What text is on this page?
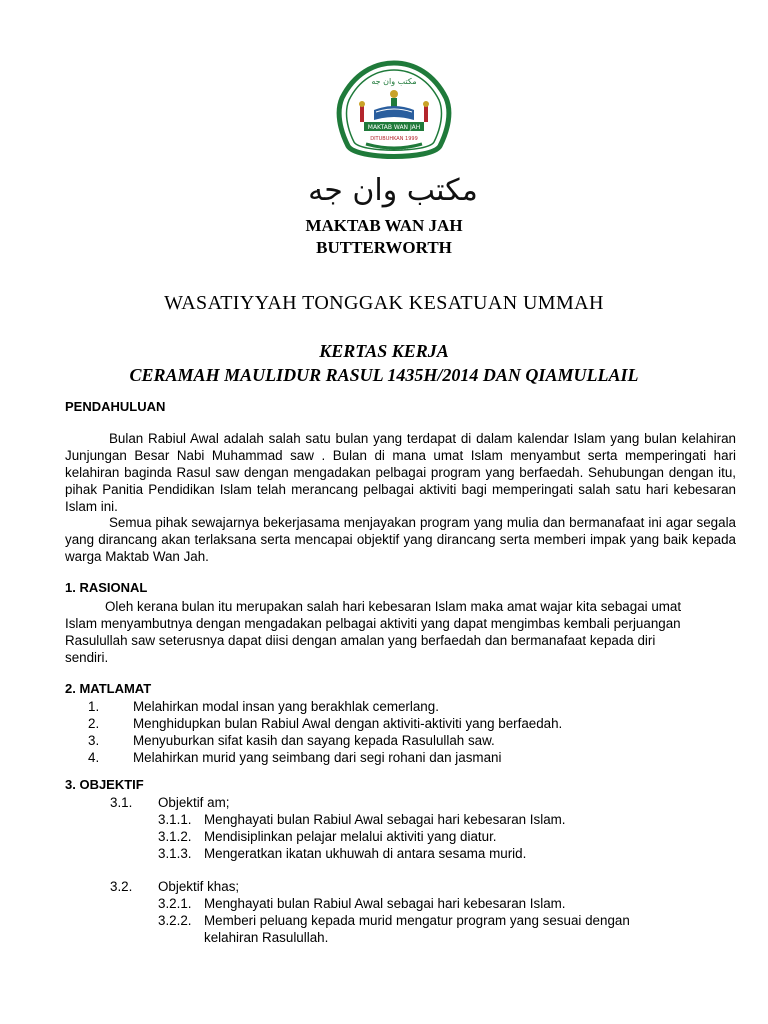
مكتب وان جه
MAKTAB WAN JAH
DITUBUHKAN 1999
Ilmu & Iman
مكتب وان جه
MAKTAB WAN JAH
BUTTERWORTH
WASATIYYAH TONGGAK KESATUAN UMMAH
KERTAS KERJA
CERAMAH MAULIDUR RASUL 1435H/2014 DAN QIAMULLAIL
PENDAHULUAN
Bulan Rabiul Awal adalah salah satu bulan yang terdapat di dalam kalendar Islam yang bulan kelahiran Junjungan Besar Nabi Muhammad saw . Bulan di mana umat Islam menyambut serta memperingati hari kelahiran baginda Rasul saw dengan mengadakan pelbagai program yang berfaedah. Sehubungan dengan itu, pihak Panitia Pendidikan Islam telah merancang pelbagai aktiviti bagi memperingati salah satu hari kebesaran Islam ini.
Semua pihak sewajarnya bekerjasama menjayakan program yang mulia dan bermanafaat ini agar segala yang dirancang akan terlaksana serta mencapai objektif yang dirancang serta memberi impak yang baik kepada warga Maktab Wan Jah.
1. RASIONAL
Oleh kerana bulan itu merupakan salah hari kebesaran Islam maka amat wajar kita sebagai umat Islam menyambutnya dengan mengadakan pelbagai aktiviti yang dapat mengimbas kembali perjuangan Rasulullah saw seterusnya dapat diisi dengan amalan yang berfaedah dan bermanafaat kepada diri sendiri.
2. MATLAMAT
1.	Melahirkan modal insan yang berakhlak cemerlang.
2.	Menghidupkan bulan Rabiul Awal dengan aktiviti-aktiviti yang berfaedah.
3.	Menyuburkan sifat kasih dan sayang kepada Rasulullah saw.
4.	Melahirkan murid yang seimbang dari segi rohani dan jasmani
3. OBJEKTIF
3.1. Objektif am;
3.1.1. Menghayati bulan Rabiul Awal sebagai hari kebesaran Islam.
3.1.2. Mendisiplinkan pelajar melalui aktiviti yang diatur.
3.1.3. Mengeratkan ikatan ukhuwah di antara sesama murid.
3.2. Objektif khas;
3.2.1. Menghayati bulan Rabiul Awal sebagai hari kebesaran Islam.
3.2.2. Memberi peluang kepada murid mengatur program yang sesuai dengan
kelahiran Rasulullah.
